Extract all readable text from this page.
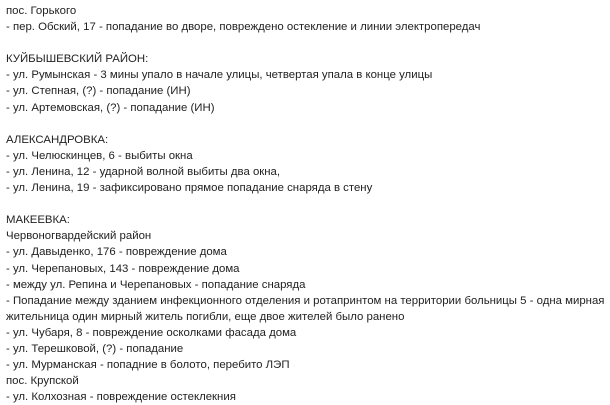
пос. Горького
- пер. Обский, 17 - попадание во дворе, повреждено остекление и линии электропередач
КУЙБЫШЕВСКИЙ РАЙОН:
- ул. Румынская - 3 мины упало в начале улицы, четвертая упала в конце улицы
- ул. Степная, (?) - попадание (ИН)
- ул. Артемовская, (?) - попадание (ИН)
АЛЕКСАНДРОВКА:
- ул. Челюскинцев, 6 - выбиты окна
- ул. Ленина, 12 - ударной волной выбиты два окна,
- ул. Ленина, 19 - зафиксировано прямое попадание снаряда в стену
МАКЕЕВКА:
Червоногвардейский район
- ул. Давыденко, 176 - повреждение дома
- ул. Черепановых, 143 - повреждение дома
- между ул. Репина и Черепановых - попадание снаряда
- Попадание между зданием инфекционного отделения и ротапринтом на территории больницы 5 - одна мирная жительница один мирный житель погибли, еще двое жителей было ранено
- ул. Чубаря, 8 - повреждение осколками фасада дома
- ул. Терешковой, (?) - попадание
- ул. Мурманская - попадние в болото, перебито ЛЭП
пос. Крупской
- ул. Колхозная - повреждение остеклекния
